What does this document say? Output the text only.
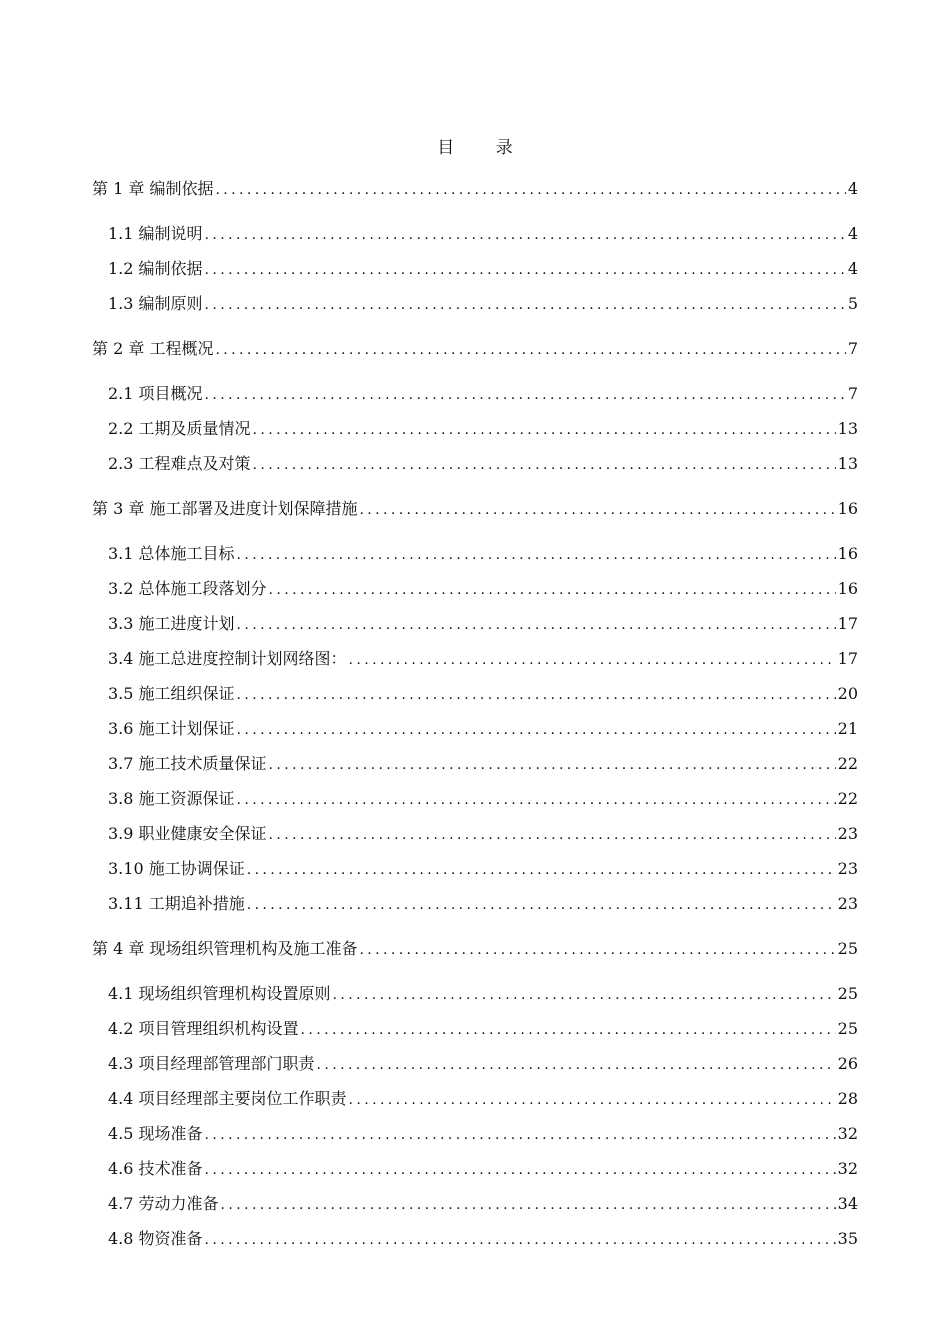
目 录
第 1 章 编制依据 .....	4
1.1 编制说明 .....	4
1.2 编制依据 .....	4
1.3 编制原则 .....	5
第 2 章 工程概况 .....	7
2.1 项目概况 .....	7
2.2 工期及质量情况 .....	13
2.3 工程难点及对策 .....	13
第 3 章 施工部署及进度计划保障措施 .....	16
3.1 总体施工目标 .....	16
3.2 总体施工段落划分 .....	16
3.3 施工进度计划 .....	17
3.4 施工总进度控制计划网络图： .....	17
3.5 施工组织保证 .....	20
3.6 施工计划保证 .....	21
3.7 施工技术质量保证 .....	22
3.8 施工资源保证 .....	22
3.9 职业健康安全保证 .....	23
3.10 施工协调保证 .....	23
3.11 工期追补措施 .....	23
第 4 章 现场组织管理机构及施工准备 .....	25
4.1 现场组织管理机构设置原则 .....	25
4.2 项目管理组织机构设置 .....	25
4.3 项目经理部管理部门职责 .....	26
4.4 项目经理部主要岗位工作职责 .....	28
4.5 现场准备 .....	32
4.6 技术准备 .....	32
4.7 劳动力准备 .....	34
4.8 物资准备 .....	35
